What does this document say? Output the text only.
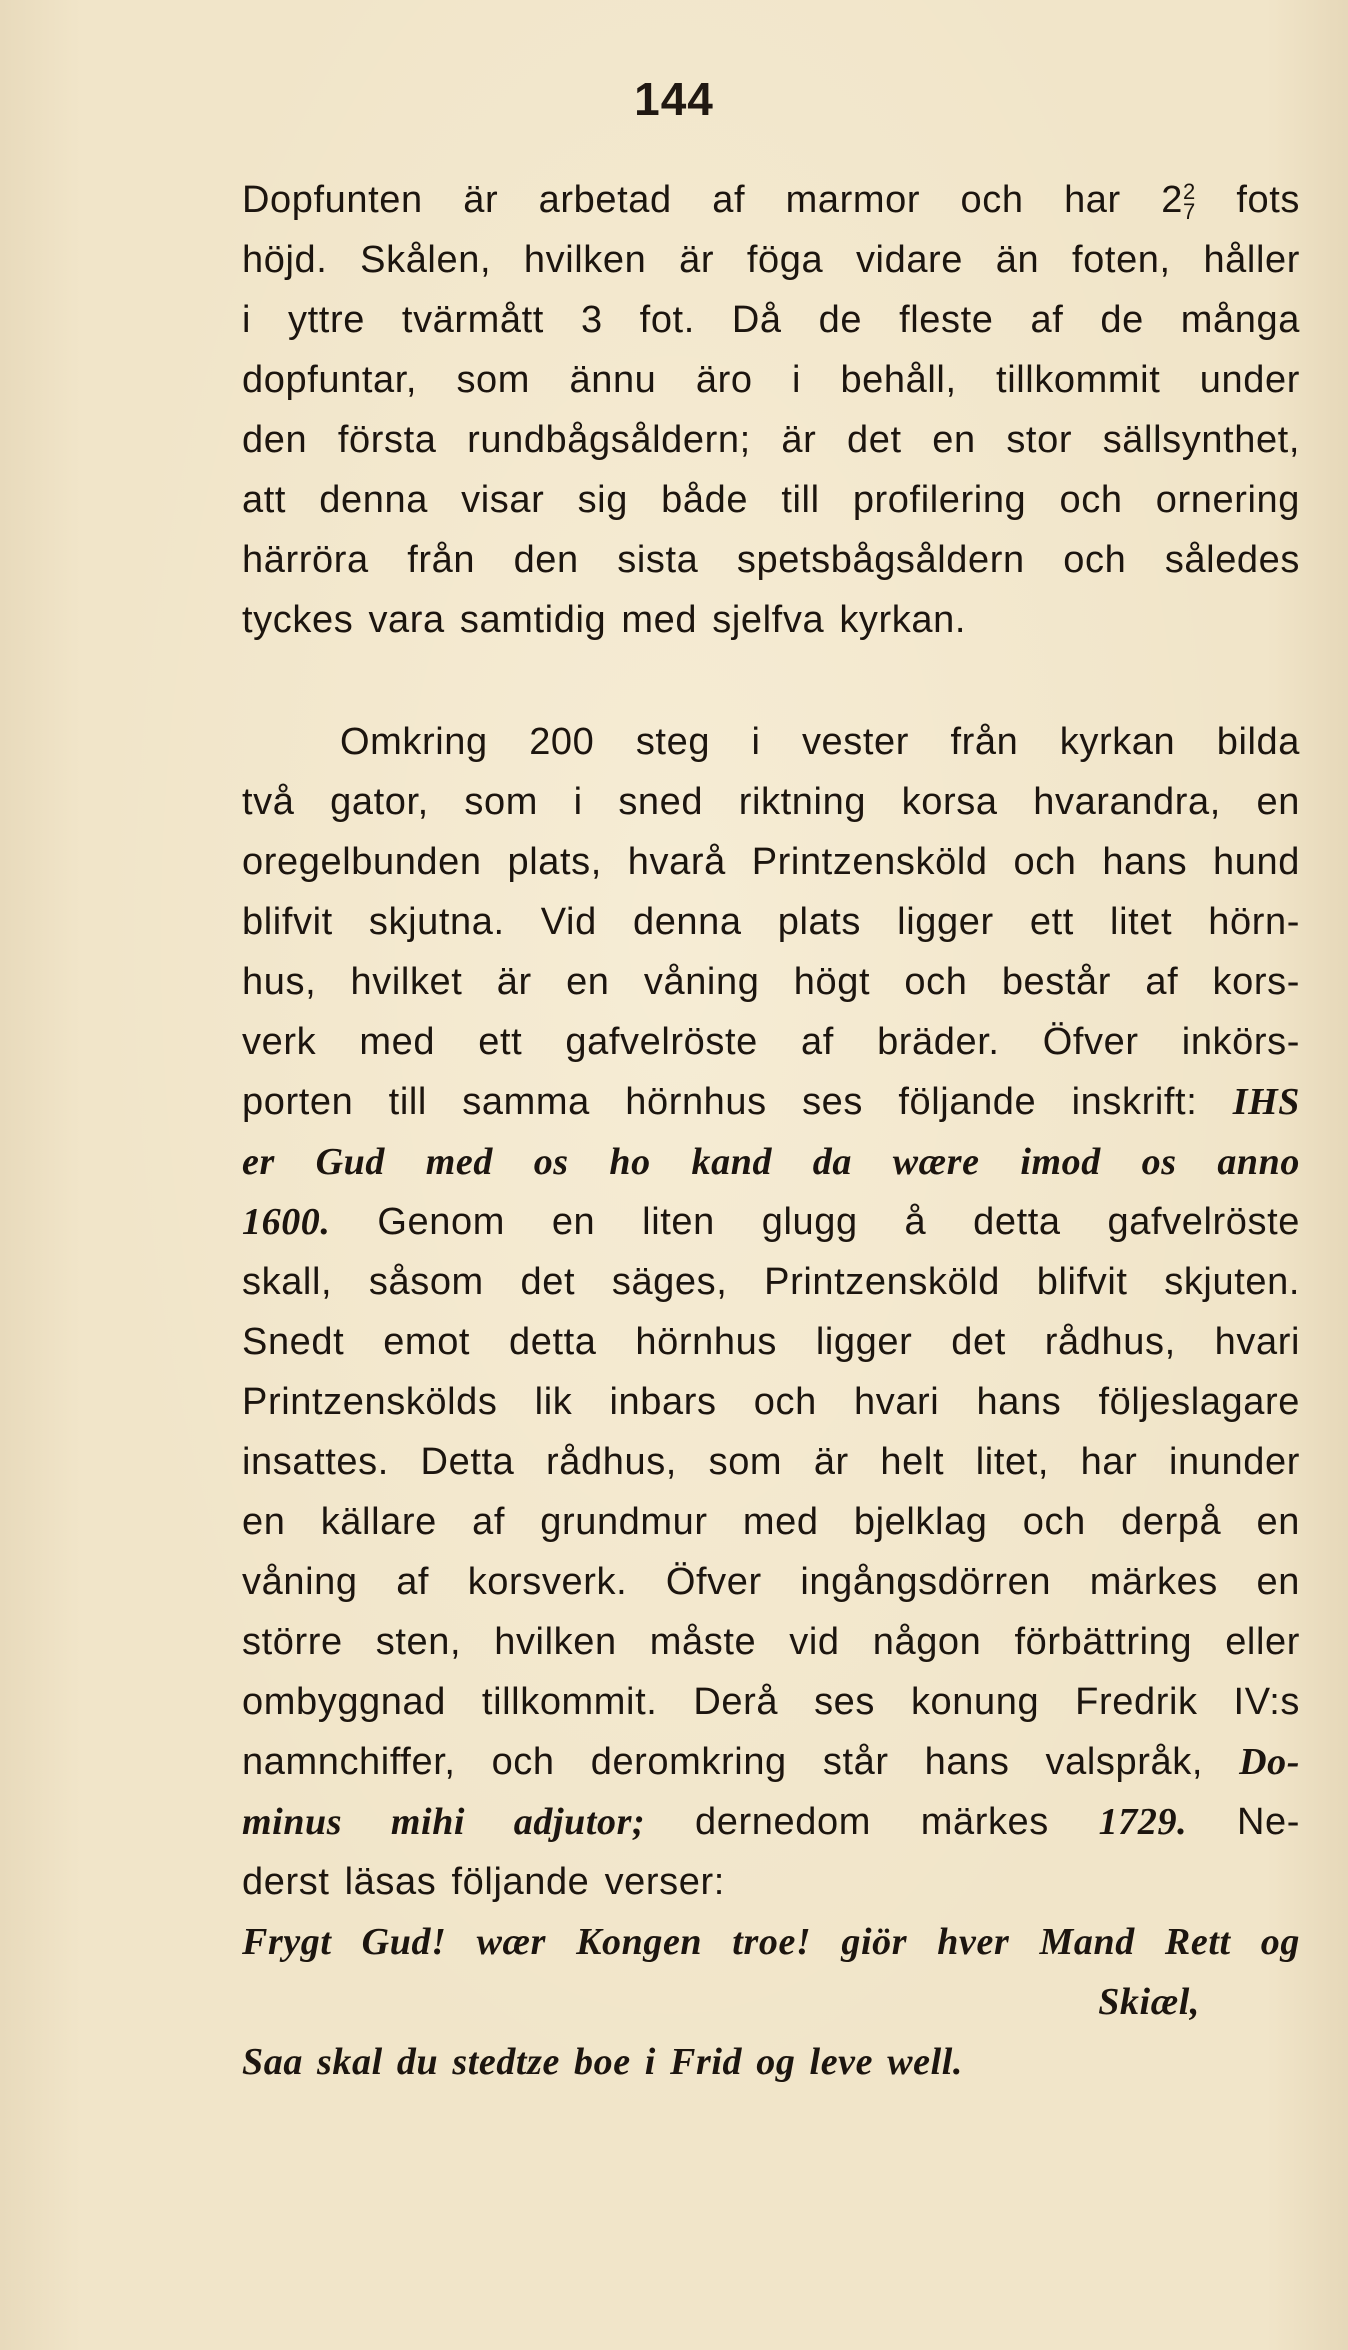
144
Dopfunten är arbetad af marmor och har 22
7 fots
höjd. Skålen, hvilken är föga vidare än foten, håller
i yttre tvärmått 3 fot. Då de fleste af de många
dopfuntar, som ännu äro i behåll, tillkommit under
den första rundbågsåldern; är det en stor sällsynthet,
att denna visar sig både till profilering och ornering
härröra från den sista spetsbågsåldern och således
tyckes vara samtidig med sjelfva kyrkan.
Omkring 200 steg i vester från kyrkan bilda
två gator, som i sned riktning korsa hvarandra, en
oregelbunden plats, hvarå Printzensköld och hans hund
blifvit skjutna. Vid denna plats ligger ett litet hörn-
hus, hvilket är en våning högt och består af kors-
verk med ett gafvelröste af bräder. Öfver inkörs-
porten till samma hörnhus ses följande inskrift: IHS
er Gud med os ho kand da wære imod os anno
1600. Genom en liten glugg å detta gafvelröste
skall, såsom det säges, Printzensköld blifvit skjuten.
Snedt emot detta hörnhus ligger det rådhus, hvari
Printzenskölds lik inbars och hvari hans följeslagare
insattes. Detta rådhus, som är helt litet, har inunder
en källare af grundmur med bjelklag och derpå en
våning af korsverk. Öfver ingångsdörren märkes en
större sten, hvilken måste vid någon förbättring eller
ombyggnad tillkommit. Derå ses konung Fredrik IV:s
namnchiffer, och deromkring står hans valspråk, Do-
minus mihi adjutor; dernedom märkes 1729. Ne-
derst läsas följande verser:
Frygt Gud! wær Kongen troe! giör hver Mand Rett og
Skiæl,
Saa skal du stedtze boe i Frid og leve well.
